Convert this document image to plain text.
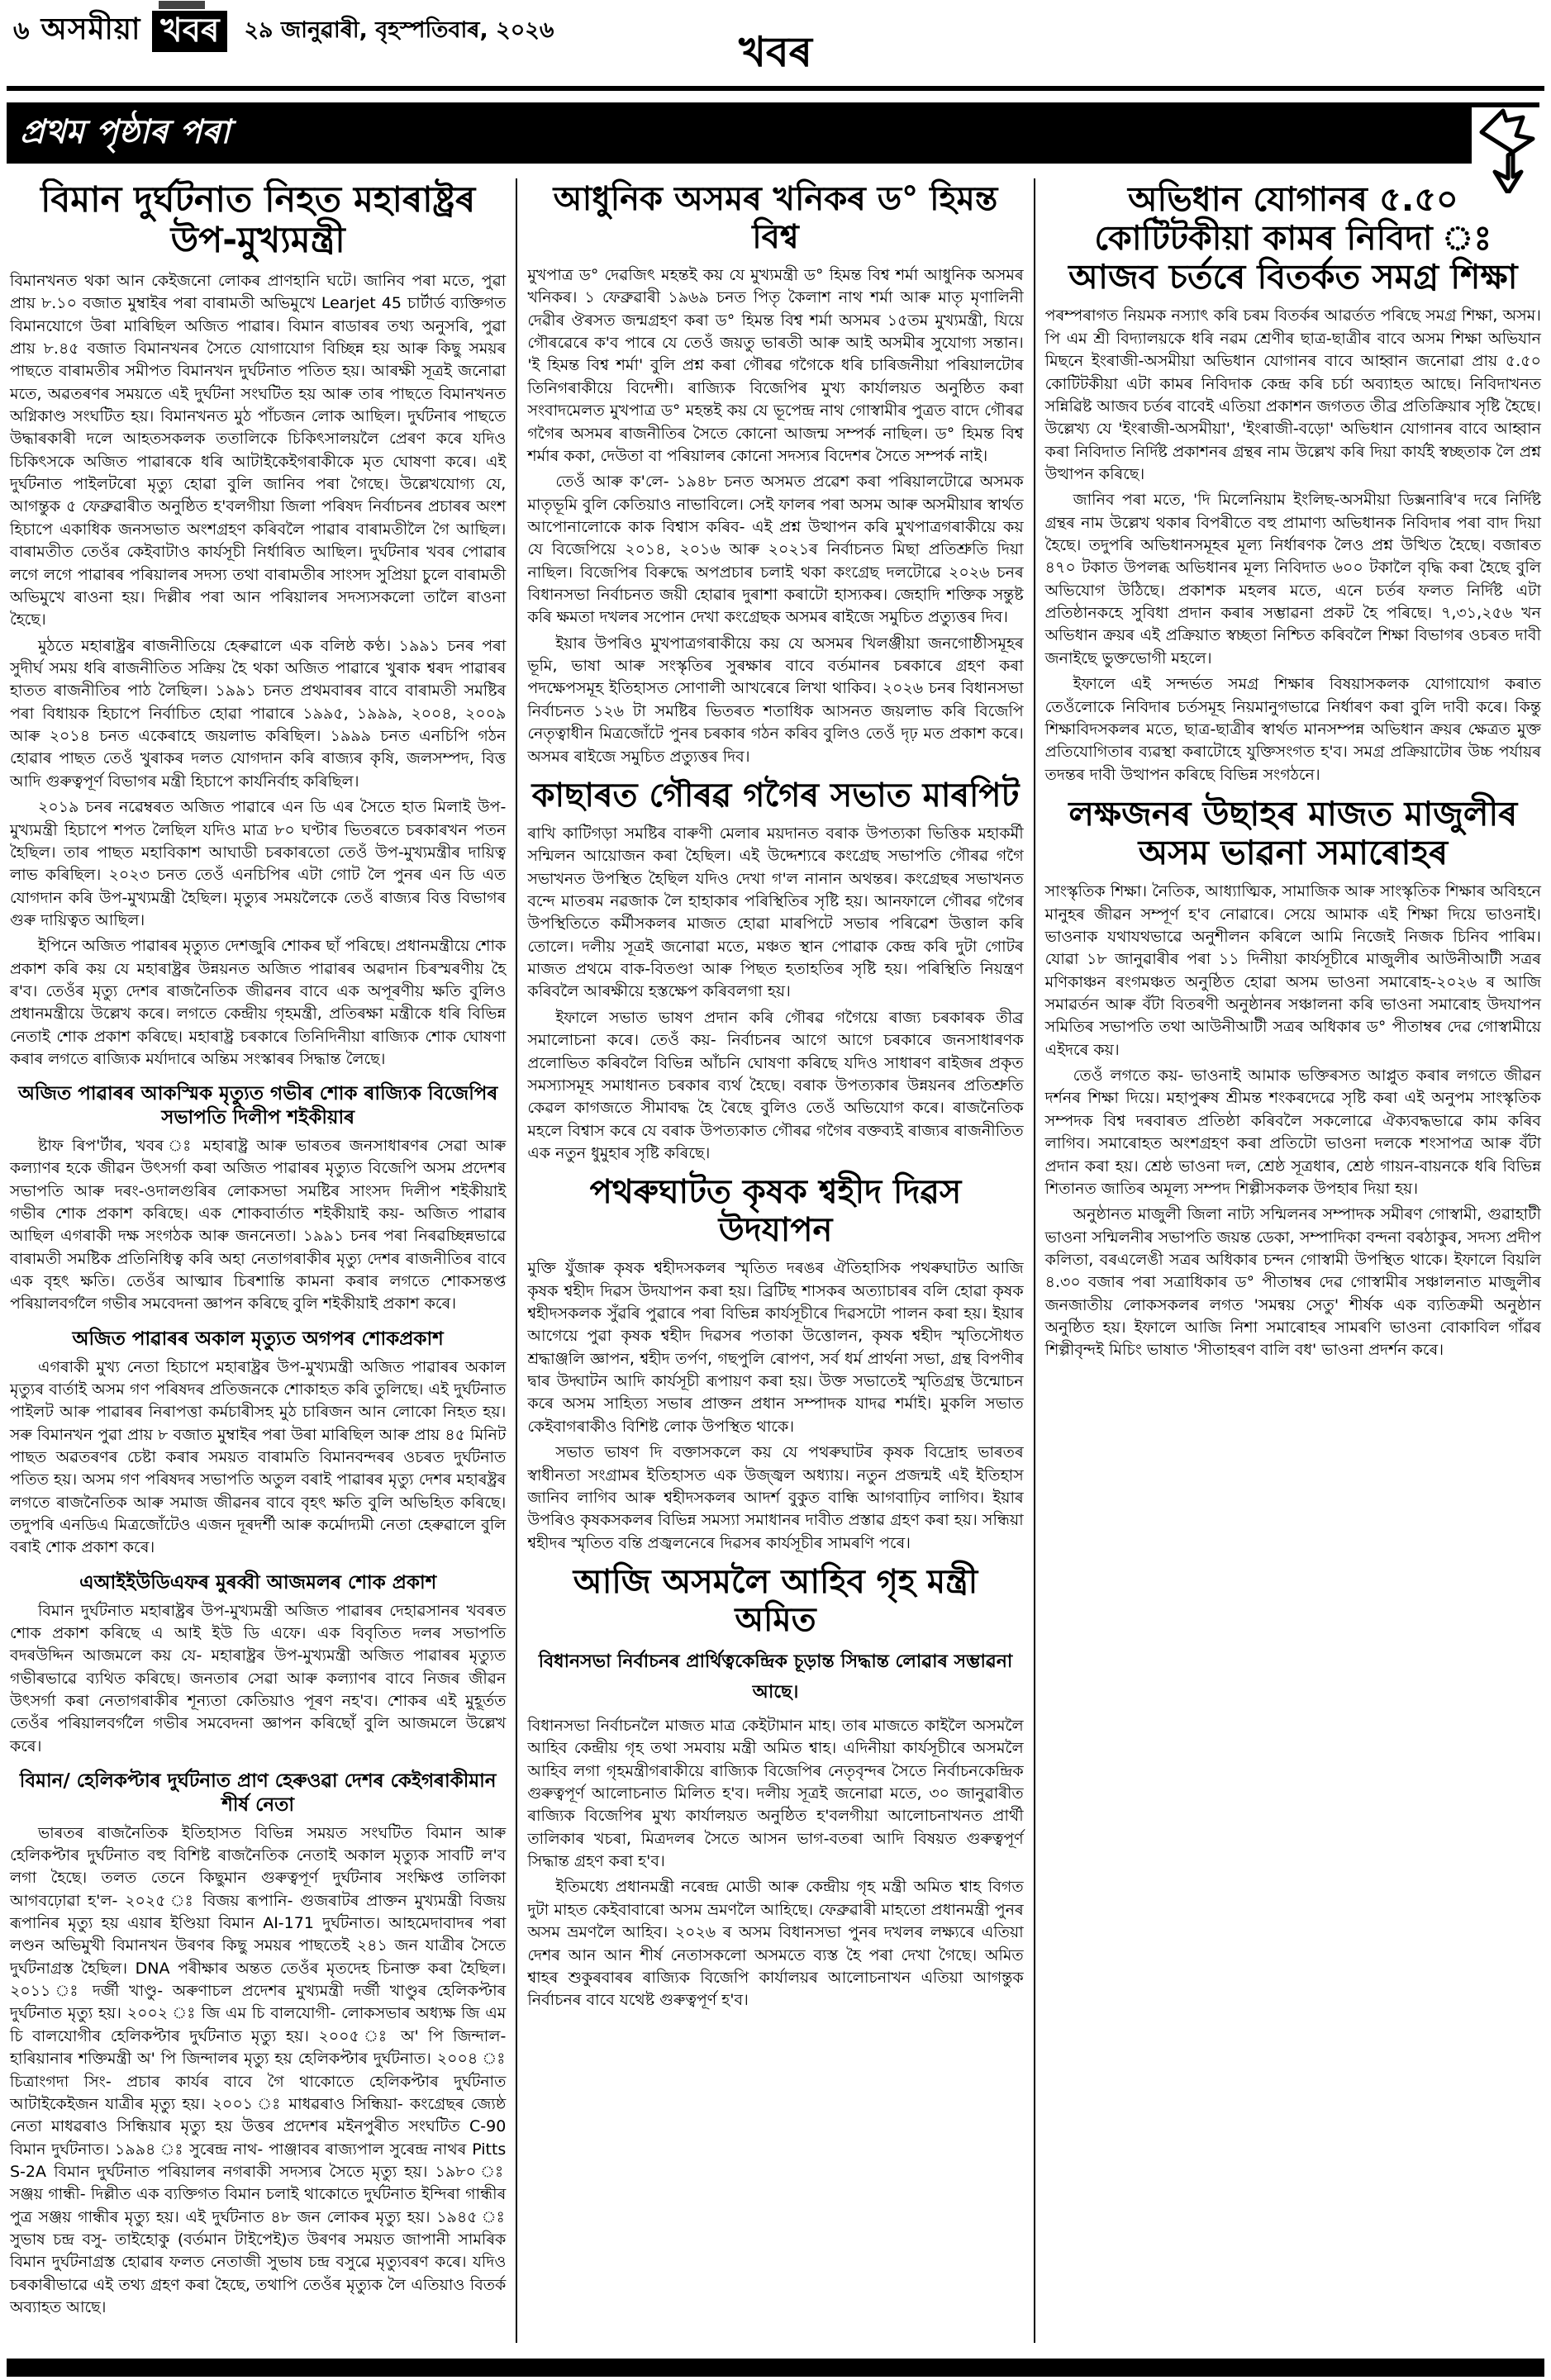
৬ অসমীয়া খবৰ	২৯ জানুৱাৰী, বৃহস্পতিবাৰ, ২০২৬	খবৰ
প্ৰথম পৃষ্ঠাৰ পৰা
বিমান দুৰ্ঘটনাত নিহত মহাৰাষ্ট্ৰৰ উপ-মুখ্যমন্ত্ৰী

বিমানখনত থকা আন কেইজনো লোকৰ প্ৰাণহানি ঘটে। জানিব পৰা মতে, পুৱা প্ৰায় ৮.১০ বজাত মুম্বাইৰ পৰা বাৰামতী অভিমুখে Learjet 45 চাৰ্টাৰ্ড ব্যক্তিগত বিমানযোগে উৰা মাৰিছিল অজিত পাৱাৰ। বিমান ৰাডাৰৰ তথ্য অনুসৰি, পুৱা প্ৰায় ৮.৪৫ বজাত বিমানখনৰ সৈতে যোগাযোগ বিচ্ছিন্ন হয় আৰু কিছু সময়ৰ পাছতে বাৰামতীৰ সমীপত বিমানখন দুৰ্ঘটনাত পতিত হয়। আৰক্ষী সূত্ৰই জনোৱা মতে, অৱতৰণৰ সময়তে এই দুৰ্ঘটনা সংঘটিত হয় আৰু তাৰ পাছতে বিমানখনত অগ্নিকাণ্ড সংঘটিত হয়। বিমানখনত মুঠ পাঁচজন লোক আছিল। দুৰ্ঘটনাৰ পাছতে উদ্ধাৰকাৰী দলে আহতসকলক ততালিকে চিকিৎসালয়লৈ প্ৰেৰণ কৰে যদিও চিকিৎসকে অজিত পাৱাৰকে ধৰি আটাইকেইগৰাকীকে মৃত ঘোষণা কৰে। এই দুৰ্ঘটনাত পাইলটৰো মৃত্যু হোৱা বুলি জানিব পৰা গৈছে। উল্লেখযোগ্য যে, আগন্তুক ৫ ফেব্ৰুৱাৰীত অনুষ্ঠিত হ'বলগীয়া জিলা পৰিষদ নিৰ্বাচনৰ প্ৰচাৰৰ অংশ হিচাপে একাধিক জনসভাত অংশগ্ৰহণ কৰিবলৈ পাৱাৰ বাৰামতীলৈ গৈ আছিল। বাৰামতীত তেওঁৰ কেইবাটাও কাৰ্যসূচী নিৰ্ধাৰিত আছিল। দুৰ্ঘটনাৰ খবৰ পোৱাৰ লগে লগে পাৱাৰৰ পৰিয়ালৰ সদস্য তথা বাৰামতীৰ সাংসদ সুপ্ৰিয়া চুলে বাৰামতী অভিমুখে ৰাওনা হয়। দিল্লীৰ পৰা আন পৰিয়ালৰ সদস্যসকলো তালৈ ৰাওনা হৈছে।

মুঠতে মহাৰাষ্ট্ৰৰ ৰাজনীতিয়ে হেৰুৱালে এক বলিষ্ঠ কণ্ঠ। ১৯৯১ চনৰ পৰা সুদীৰ্ঘ সময় ধৰি ৰাজনীতিত সক্ৰিয় হৈ থকা অজিত পাৱাৰে খুৰাক শ্বৰদ পাৱাৰৰ হাতত ৰাজনীতিৰ পাঠ লৈছিল। ১৯৯১ চনত প্ৰথমবাৰৰ বাবে বাৰামতী সমষ্টিৰ পৰা বিধায়ক হিচাপে নিৰ্বাচিত হোৱা পাৱাৰে ১৯৯৫, ১৯৯৯, ২০০৪, ২০০৯ আৰু ২০১৪ চনত একেৰাহে জয়লাভ কৰিছিল। ১৯৯৯ চনত এনচিপি গঠন হোৱাৰ পাছত তেওঁ খুৰাকৰ দলত যোগদান কৰি ৰাজ্যৰ কৃষি, জলসম্পদ, বিত্ত আদি গুৰুত্বপূৰ্ণ বিভাগৰ মন্ত্ৰী হিচাপে কাৰ্যনিৰ্বাহ কৰিছিল।

২০১৯ চনৰ নৱেম্বৰত অজিত পাৱাৰে এন ডি এৰ সৈতে হাত মিলাই উপ-মুখ্যমন্ত্ৰী হিচাপে শপত লৈছিল যদিও মাত্ৰ ৮০ ঘণ্টাৰ ভিতৰতে চৰকাৰখন পতন হৈছিল। তাৰ পাছত মহাবিকাশ আঘাডী চৰকাৰতো তেওঁ উপ-মুখ্যমন্ত্ৰীৰ দায়িত্ব লাভ কৰিছিল। ২০২৩ চনত তেওঁ এনচিপিৰ এটা গোট লৈ পুনৰ এন ডি এত যোগদান কৰি উপ-মুখ্যমন্ত্ৰী হৈছিল। মৃত্যুৰ সময়লৈকে তেওঁ ৰাজ্যৰ বিত্ত বিভাগৰ গুৰু দায়িত্বত আছিল।

ইপিনে অজিত পাৱাৰৰ মৃত্যুত দেশজুৰি শোকৰ ছাঁ পৰিছে। প্ৰধানমন্ত্ৰীয়ে শোক প্ৰকাশ কৰি কয় যে মহাৰাষ্ট্ৰৰ উন্নয়নত অজিত পাৱাৰৰ অৱদান চিৰস্মৰণীয় হৈ ৰ'ব। তেওঁৰ মৃত্যু দেশৰ ৰাজনৈতিক জীৱনৰ বাবে এক অপূৰণীয় ক্ষতি বুলিও প্ৰধানমন্ত্ৰীয়ে উল্লেখ কৰে। লগতে কেন্দ্ৰীয় গৃহমন্ত্ৰী, প্ৰতিৰক্ষা মন্ত্ৰীকে ধৰি বিভিন্ন নেতাই শোক প্ৰকাশ কৰিছে। মহাৰাষ্ট্ৰ চৰকাৰে তিনিদিনীয়া ৰাজ্যিক শোক ঘোষণা কৰাৰ লগতে ৰাজ্যিক মৰ্যাদাৰে অন্তিম সংস্কাৰৰ সিদ্ধান্ত লৈছে।

অজিত পাৱাৰৰ আকস্মিক মৃত্যুত গভীৰ শোক ৰাজ্যিক বিজেপিৰ সভাপতি দিলীপ শইকীয়াৰ

ষ্টাফ ৰিপ'ৰ্টাৰ, খবৰ ঃ মহাৰাষ্ট্ৰ আৰু ভাৰতৰ জনসাধাৰণৰ সেৱা আৰু কল্যাণৰ হকে জীৱন উৎসৰ্গা কৰা অজিত পাৱাৰৰ মৃত্যুত বিজেপি অসম প্ৰদেশৰ সভাপতি আৰু দৰং-ওদালগুৰিৰ লোকসভা সমষ্টিৰ সাংসদ দিলীপ শইকীয়াই গভীৰ শোক প্ৰকাশ কৰিছে। এক শোকবাৰ্তাত শইকীয়াই কয়- অজিত পাৱাৰ আছিল এগৰাকী দক্ষ সংগঠক আৰু জননেতা। ১৯৯১ চনৰ পৰা নিৰৱচ্ছিন্নভাৱে বাৰামতী সমষ্টিক প্ৰতিনিধিত্ব কৰি অহা নেতাগৰাকীৰ মৃত্যু দেশৰ ৰাজনীতিৰ বাবে এক বৃহৎ ক্ষতি। তেওঁৰ আত্মাৰ চিৰশান্তি কামনা কৰাৰ লগতে শোকসন্তপ্ত পৰিয়ালবৰ্গলৈ গভীৰ সমবেদনা জ্ঞাপন কৰিছে বুলি শইকীয়াই প্ৰকাশ কৰে।

অজিত পাৱাৰৰ অকাল মৃত্যুত অগপৰ শোকপ্ৰকাশ

এগৰাকী মুখ্য নেতা হিচাপে মহাৰাষ্ট্ৰৰ উপ-মুখ্যমন্ত্ৰী অজিত পাৱাৰৰ অকাল মৃত্যুৰ বাৰ্তাই অসম গণ পৰিষদৰ প্ৰতিজনকে শোকাহত কৰি তুলিছে। এই দুৰ্ঘটনাত পাইলট আৰু পাৱাৰৰ নিৰাপত্তা কৰ্মচাৰীসহ মুঠ চাৰিজন আন লোকো নিহত হয়। সৰু বিমানখন পুৱা প্ৰায় ৮ বজাত মুম্বাইৰ পৰা উৰা মাৰিছিল আৰু প্ৰায় ৪৫ মিনিট পাছত অৱতৰণৰ চেষ্টা কৰাৰ সময়ত বাৰামতি বিমানবন্দৰৰ ওচৰত দুৰ্ঘটনাত পতিত হয়। অসম গণ পৰিষদৰ সভাপতি অতুল বৰাই পাৱাৰৰ মৃত্যু দেশৰ মহাৰষ্ট্ৰৰ লগতে ৰাজনৈতিক আৰু সমাজ জীৱনৰ বাবে বৃহৎ ক্ষতি বুলি অভিহিত কৰিছে। তদুপৰি এনডিএ মিত্ৰজোঁটেও এজন দূৰদৰ্শী আৰু কৰ্মোদ্যমী নেতা হেৰুৱালে বুলি বৰাই শোক প্ৰকাশ কৰে।

এআইইউডিএফৰ মুৰব্বী আজমলৰ শোক প্ৰকাশ

বিমান দুৰ্ঘটনাত মহাৰাষ্ট্ৰৰ উপ-মুখ্যমন্ত্ৰী অজিত পাৱাৰৰ দেহাৱসানৰ খবৰত শোক প্ৰকাশ কৰিছে এ আই ইউ ডি এফে। এক বিবৃতিত দলৰ সভাপতি বদৰউদ্দিন আজমলে কয় যে- মহাৰাষ্ট্ৰৰ উপ-মুখ্যমন্ত্ৰী অজিত পাৱাৰৰ মৃত্যুত গভীৰভাৱে ব্যথিত কৰিছে। জনতাৰ সেৱা আৰু কল্যাণৰ বাবে নিজৰ জীৱন উৎসৰ্গা কৰা নেতাগৰাকীৰ শূন্যতা কেতিয়াও পূৰণ নহ'ব। শোকৰ এই মুহূৰ্তত তেওঁৰ পৰিয়ালবৰ্গলৈ গভীৰ সমবেদনা জ্ঞাপন কৰিছোঁ বুলি আজমলে উল্লেখ কৰে।

বিমান/ হেলিকপ্টাৰ দুৰ্ঘটনাত প্ৰাণ হেৰুওৱা দেশৰ কেইগৰাকীমান শীৰ্ষ নেতা

ভাৰতৰ ৰাজনৈতিক ইতিহাসত বিভিন্ন সময়ত সংঘটিত বিমান আৰু হেলিকপ্টাৰ দুৰ্ঘটনাত বহু বিশিষ্ট ৰাজনৈতিক নেতাই অকাল মৃত্যুক সাবটি ল'ব লগা হৈছে। তলত তেনে কিছুমান গুৰুত্বপূৰ্ণ দুৰ্ঘটনাৰ সংক্ষিপ্ত তালিকা আগবঢ়োৱা হ'ল- ২০২৫ ঃ বিজয় ৰূপানি- গুজৰাটৰ প্ৰাক্তন মুখ্যমন্ত্ৰী বিজয় ৰূপানিৰ মৃত্যু হয় এয়াৰ ইণ্ডিয়া বিমান AI-171 দুৰ্ঘটনাত। আহমেদাবাদৰ পৰা লণ্ডন অভিমুখী বিমানখন উৰণৰ কিছু সময়ৰ পাছতেই ২৪১ জন যাত্ৰীৰ সৈতে দুৰ্ঘটনাগ্ৰস্ত হৈছিল। DNA পৰীক্ষাৰ অন্তত তেওঁৰ মৃতদেহ চিনাক্ত কৰা হৈছিল। ২০১১ ঃ দৰ্জী খাণ্ডু- অৰুণাচল প্ৰদেশৰ মুখ্যমন্ত্ৰী দৰ্জী খাণ্ডুৰ হেলিকপ্টাৰ দুৰ্ঘটনাত মৃত্যু হয়। ২০০২ ঃ জি এম চি বালযোগী- লোকসভাৰ অধ্যক্ষ জি এম চি বালযোগীৰ হেলিকপ্টাৰ দুৰ্ঘটনাত মৃত্যু হয়। ২০০৫ ঃ অ' পি জিন্দাল- হাৰিয়ানাৰ শক্তিমন্ত্ৰী অ' পি জিন্দালৰ মৃত্যু হয় হেলিকপ্টাৰ দুৰ্ঘটনাত। ২০০৪ ঃ চিত্ৰাংগদা সিং- প্ৰচাৰ কাৰ্যৰ বাবে গৈ থাকোতে হেলিকপ্টাৰ দুৰ্ঘটনাত আটাইকেইজন যাত্ৰীৰ মৃত্যু হয়। ২০০১ ঃ মাধৱৰাও সিন্ধিয়া- কংগ্ৰেছৰ জ্যেষ্ঠ নেতা মাধৱৰাও সিন্ধিয়াৰ মৃত্যু হয় উত্তৰ প্ৰদেশৰ মইনপুৰীত সংঘটিত C-90 বিমান দুৰ্ঘটনাত। ১৯৯৪ ঃ সুৰেন্দ্ৰ নাথ- পাঞ্জাবৰ ৰাজ্যপাল সুৰেন্দ্ৰ নাথৰ Pitts S-2A বিমান দুৰ্ঘটনাত পৰিয়ালৰ নগৰাকী সদস্যৰ সৈতে মৃত্যু হয়। ১৯৮০ ঃ সঞ্জয় গান্ধী- দিল্লীত এক ব্যক্তিগত বিমান চলাই থাকোতে দুৰ্ঘটনাত ইন্দিৰা গান্ধীৰ পুত্ৰ সঞ্জয় গান্ধীৰ মৃত্যু হয়। এই দুৰ্ঘটনাত ৪৮ জন লোকৰ মৃত্যু হয়। ১৯৪৫ ঃ সুভাষ চন্দ্ৰ বসু- তাইহোকু (বৰ্তমান টাইপেই)ত উৰণৰ সময়ত জাপানী সামৰিক বিমান দুৰ্ঘটনাগ্ৰস্ত হোৱাৰ ফলত নেতাজী সুভাষ চন্দ্ৰ বসুৱে মৃত্যুবৰণ কৰে। যদিও চৰকাৰীভাৱে এই তথ্য গ্ৰহণ কৰা হৈছে, তথাপি তেওঁৰ মৃত্যুক লৈ এতিয়াও বিতৰ্ক অব্যাহত আছে।

আধুনিক অসমৰ খনিকৰ ড° হিমন্ত বিশ্ব

মুখপাত্ৰ ড° দেৱজিৎ মহন্তই কয় যে মুখ্যমন্ত্ৰী ড° হিমন্ত বিশ্ব শৰ্মা আধুনিক অসমৰ খনিকৰ। ১ ফেব্ৰুৱাৰী ১৯৬৯ চনত পিতৃ কৈলাশ নাথ শৰ্মা আৰু মাতৃ মৃণালিনী দেৱীৰ ঔৰসত জন্মগ্ৰহণ কৰা ড° হিমন্ত বিশ্ব শৰ্মা অসমৰ ১৫তম মুখ্যমন্ত্ৰী, যিয়ে গৌৰৱেৰে ক'ব পাৰে যে তেওঁ জয়তু ভাৰতী আৰু আই অসমীৰ সুযোগ্য সন্তান। 'ই হিমন্ত বিশ্ব শৰ্মা' বুলি প্ৰশ্ন কৰা গৌৰৱ গগৈকে ধৰি চাৰিজনীয়া পৰিয়ালটোৰ তিনিগৰাকীয়ে বিদেশী। ৰাজ্যিক বিজেপিৰ মুখ্য কাৰ্যালয়ত অনুষ্ঠিত কৰা সংবাদমেলত মুখপাত্ৰ ড° মহন্তই কয় যে ভূপেন্দ্ৰ নাথ গোস্বামীৰ পুত্ৰত বাদে গৌৰৱ গগৈৰ অসমৰ ৰাজনীতিৰ সৈতে কোনো আজন্ম সম্পৰ্ক নাছিল। ড° হিমন্ত বিশ্ব শৰ্মাৰ ককা, দেউতা বা পৰিয়ালৰ কোনো সদস্যৰ বিদেশৰ সৈতে সম্পৰ্ক নাই।

তেওঁ আৰু ক'লে- ১৯৪৮ চনত অসমত প্ৰৱেশ কৰা পৰিয়ালটোৱে অসমক মাতৃভূমি বুলি কেতিয়াও নাভাবিলে। সেই ফালৰ পৰা অসম আৰু অসমীয়াৰ স্বাৰ্থত আপোনালোকে কাক বিশ্বাস কৰিব- এই প্ৰশ্ন উত্থাপন কৰি মুখপাত্ৰগৰাকীয়ে কয় যে বিজেপিয়ে ২০১৪, ২০১৬ আৰু ২০২১ৰ নিৰ্বাচনত মিছা প্ৰতিশ্ৰুতি দিয়া নাছিল। বিজেপিৰ বিৰুদ্ধে অপপ্ৰচাৰ চলাই থকা কংগ্ৰেছ দলটোৱে ২০২৬ চনৰ বিধানসভা নিৰ্বাচনত জয়ী হোৱাৰ দুৰাশা কৰাটো হাস্যকৰ। জেহাদি শক্তিক সন্তুষ্ট কৰি ক্ষমতা দখলৰ সপোন দেখা কংগ্ৰেছক অসমৰ ৰাইজে সমুচিত প্ৰত্যুত্তৰ দিব।

ইয়াৰ উপৰিও মুখপাত্ৰগৰাকীয়ে কয় যে অসমৰ খিলঞ্জীয়া জনগোষ্ঠীসমূহৰ ভূমি, ভাষা আৰু সংস্কৃতিৰ সুৰক্ষাৰ বাবে বৰ্তমানৰ চৰকাৰে গ্ৰহণ কৰা পদক্ষেপসমূহ ইতিহাসত সোণালী আখৰেৰে লিখা থাকিব। ২০২৬ চনৰ বিধানসভা নিৰ্বাচনত ১২৬ টা সমষ্টিৰ ভিতৰত শতাধিক আসনত জয়লাভ কৰি বিজেপি নেতৃত্বাধীন মিত্ৰজোঁটে পুনৰ চৰকাৰ গঠন কৰিব বুলিও তেওঁ দৃঢ় মত প্ৰকাশ কৰে। অসমৰ ৰাইজে সমুচিত প্ৰত্যুত্তৰ দিব।

কাছাৰত গৌৰৱ গগৈৰ সভাত মাৰপিট

ৰাখি কাটিগড়া সমষ্টিৰ বাৰুণী মেলাৰ ময়দানত বৰাক উপত্যকা ভিত্তিক মহাকৰ্মী সন্মিলন আয়োজন কৰা হৈছিল। এই উদ্দেশ্যৰে কংগ্ৰেছ সভাপতি গৌৰৱ গগৈ সভাখনত উপস্থিত হৈছিল যদিও দেখা গ'ল নানান অথন্তৰ। কংগ্ৰেছৰ সভাখনত বন্দে মাতৰম নৱজাক লৈ হাহাকাৰ পৰিস্থিতিৰ সৃষ্টি হয়। আনফালে গৌৰৱ গগৈৰ উপস্থিতিতে কৰ্মীসকলৰ মাজত হোৱা মাৰপিটে সভাৰ পৰিৱেশ উত্তাল কৰি তোলে। দলীয় সূত্ৰই জনোৱা মতে, মঞ্চত স্থান পোৱাক কেন্দ্ৰ কৰি দুটা গোটৰ মাজত প্ৰথমে বাক-বিতণ্ডা আৰু পিছত হতাহতিৰ সৃষ্টি হয়। পৰিস্থিতি নিয়ন্ত্ৰণ কৰিবলৈ আৰক্ষীয়ে হস্তক্ষেপ কৰিবলগা হয়।

ইফালে সভাত ভাষণ প্ৰদান কৰি গৌৰৱ গগৈয়ে ৰাজ্য চৰকাৰক তীব্ৰ সমালোচনা কৰে। তেওঁ কয়- নিৰ্বাচনৰ আগে আগে চৰকাৰে জনসাধাৰণক প্ৰলোভিত কৰিবলৈ বিভিন্ন আঁচনি ঘোষণা কৰিছে যদিও সাধাৰণ ৰাইজৰ প্ৰকৃত সমস্যাসমূহ সমাধানত চৰকাৰ ব্যৰ্থ হৈছে। বৰাক উপত্যকাৰ উন্নয়নৰ প্ৰতিশ্ৰুতি কেৱল কাগজতে সীমাবদ্ধ হৈ ৰৈছে বুলিও তেওঁ অভিযোগ কৰে। ৰাজনৈতিক মহলে বিশ্বাস কৰে যে বৰাক উপত্যকাত গৌৰৱ গগৈৰ বক্তব্যই ৰাজ্যৰ ৰাজনীতিত এক নতুন ধুমুহাৰ সৃষ্টি কৰিছে।

পথৰুঘাটত কৃষক শ্বহীদ দিৱস উদযাপন

মুক্তি যুঁজাৰু কৃষক শ্বহীদসকলৰ স্মৃতিত দৰঙৰ ঐতিহাসিক পথৰুঘাটত আজি কৃষক শ্বহীদ দিৱস উদযাপন কৰা হয়। ব্ৰিটিছ শাসকৰ অত্যাচাৰৰ বলি হোৱা কৃষক শ্বহীদসকলক সুঁৱৰি পুৱাৰে পৰা বিভিন্ন কাৰ্যসূচীৰে দিৱসটো পালন কৰা হয়। ইয়াৰ আগেয়ে পুৱা কৃষক শ্বহীদ দিৱসৰ পতাকা উত্তোলন, কৃষক শ্বহীদ স্মৃতিসৌধত শ্ৰদ্ধাঞ্জলি জ্ঞাপন, শ্বহীদ তৰ্পণ, গছপুলি ৰোপণ, সৰ্ব ধৰ্ম প্ৰাৰ্থনা সভা, গ্ৰন্থ বিপণীৰ দ্বাৰ উদ্ঘাটন আদি কাৰ্যসূচী ৰূপায়ণ কৰা হয়। উক্ত সভাতেই স্মৃতিগ্ৰন্থ উন্মোচন কৰে অসম সাহিত্য সভাৰ প্ৰাক্তন প্ৰধান সম্পাদক যাদৱ শৰ্মাই। মুকলি সভাত কেইবাগৰাকীও বিশিষ্ট লোক উপস্থিত থাকে।

সভাত ভাষণ দি বক্তাসকলে কয় যে পথৰুঘাটৰ কৃষক বিদ্ৰোহ ভাৰতৰ স্বাধীনতা সংগ্ৰামৰ ইতিহাসত এক উজ্জ্বল অধ্যায়। নতুন প্ৰজন্মই এই ইতিহাস জানিব লাগিব আৰু শ্বহীদসকলৰ আদৰ্শ বুকুত বান্ধি আগবাঢ়িব লাগিব। ইয়াৰ উপৰিও কৃষকসকলৰ বিভিন্ন সমস্যা সমাধানৰ দাবীত প্ৰস্তাৱ গ্ৰহণ কৰা হয়। সন্ধিয়া শ্বহীদৰ স্মৃতিত বন্তি প্ৰজ্বলনেৰে দিৱসৰ কাৰ্যসূচীৰ সামৰণি পৰে।

আজি অসমলৈ আহিব গৃহ মন্ত্ৰী অমিত

বিধানসভা নিৰ্বাচনৰ প্ৰাৰ্থিত্বকেন্দ্ৰিক চূড়ান্ত সিদ্ধান্ত লোৱাৰ সম্ভাৱনা আছে।

বিধানসভা নিৰ্বাচনলৈ মাজত মাত্ৰ কেইটামান মাহ। তাৰ মাজতে কাইলৈ অসমলৈ আহিব কেন্দ্ৰীয় গৃহ তথা সমবায় মন্ত্ৰী অমিত শ্বাহ। এদিনীয়া কাৰ্যসূচীৰে অসমলৈ আহিব লগা গৃহমন্ত্ৰীগৰাকীয়ে ৰাজ্যিক বিজেপিৰ নেতৃবৃন্দৰ সৈতে নিৰ্বাচনকেন্দ্ৰিক গুৰুত্বপূৰ্ণ আলোচনাত মিলিত হ'ব। দলীয় সূত্ৰই জনোৱা মতে, ৩০ জানুৱাৰীত ৰাজ্যিক বিজেপিৰ মুখ্য কাৰ্যালয়ত অনুষ্ঠিত হ'বলগীয়া আলোচনাখনত প্ৰাৰ্থী তালিকাৰ খচৰা, মিত্ৰদলৰ সৈতে আসন ভাগ-বতৰা আদি বিষয়ত গুৰুত্বপূৰ্ণ সিদ্ধান্ত গ্ৰহণ কৰা হ'ব।

ইতিমধ্যে প্ৰধানমন্ত্ৰী নৰেন্দ্ৰ মোডী আৰু কেন্দ্ৰীয় গৃহ মন্ত্ৰী অমিত শ্বাহ বিগত দুটা মাহত কেইবাবাৰো অসম ভ্ৰমণলৈ আহিছে। ফেব্ৰুৱাৰী মাহতো প্ৰধানমন্ত্ৰী পুনৰ অসম ভ্ৰমণলৈ আহিব। ২০২৬ ৰ অসম বিধানসভা পুনৰ দখলৰ লক্ষ্যৰে এতিয়া দেশৰ আন আন শীৰ্ষ নেতাসকলো অসমতে ব্যস্ত হৈ পৰা দেখা গৈছে। অমিত শ্বাহৰ শুকুৰবাৰৰ ৰাজ্যিক বিজেপি কাৰ্যালয়ৰ আলোচনাখন এতিয়া আগন্তুক নিৰ্বাচনৰ বাবে যথেষ্ট গুৰুত্বপূৰ্ণ হ'ব।

অভিধান যোগানৰ ৫.৫০ কোটিটকীয়া কামৰ নিবিদা ঃ
আজব চৰ্তৰে বিতৰ্কত সমগ্ৰ শিক্ষা

পৰম্পৰাগত নিয়মক নস্যাৎ কৰি চৰম বিতৰ্কৰ আৱৰ্তত পৰিছে সমগ্ৰ শিক্ষা, অসম। পি এম শ্ৰী বিদ্যালয়কে ধৰি নৱম শ্ৰেণীৰ ছাত্ৰ-ছাত্ৰীৰ বাবে অসম শিক্ষা অভিযান মিছনে ইংৰাজী-অসমীয়া অভিধান যোগানৰ বাবে আহ্বান জনোৱা প্ৰায় ৫.৫০ কোটিটকীয়া এটা কামৰ নিবিদাক কেন্দ্ৰ কৰি চৰ্চা অব্যাহত আছে। নিবিদাখনত সন্নিৱিষ্ট আজব চৰ্তৰ বাবেই এতিয়া প্ৰকাশন জগতত তীব্ৰ প্ৰতিক্ৰিয়াৰ সৃষ্টি হৈছে। উল্লেখ্য যে 'ইংৰাজী-অসমীয়া', 'ইংৰাজী-বড়ো' অভিধান যোগানৰ বাবে আহ্বান কৰা নিবিদাত নিৰ্দিষ্ট প্ৰকাশনৰ গ্ৰন্থৰ নাম উল্লেখ কৰি দিয়া কাৰ্যই স্বচ্ছতাক লৈ প্ৰশ্ন উত্থাপন কৰিছে।

জানিব পৰা মতে, 'দি মিলেনিয়াম ইংলিছ-অসমীয়া ডিক্সনাৰি'ৰ দৰে নিৰ্দিষ্ট গ্ৰন্থৰ নাম উল্লেখ থকাৰ বিপৰীতে বহু প্ৰামাণ্য অভিধানক নিবিদাৰ পৰা বাদ দিয়া হৈছে। তদুপৰি অভিধানসমূহৰ মূল্য নিৰ্ধাৰণক লৈও প্ৰশ্ন উত্থিত হৈছে। বজাৰত ৪৭০ টকাত উপলব্ধ অভিধানৰ মূল্য নিবিদাত ৬০০ টকালৈ বৃদ্ধি কৰা হৈছে বুলি অভিযোগ উঠিছে। প্ৰকাশক মহলৰ মতে, এনে চৰ্তৰ ফলত নিৰ্দিষ্ট এটা প্ৰতিষ্ঠানকহে সুবিধা প্ৰদান কৰাৰ সম্ভাৱনা প্ৰকট হৈ পৰিছে। ৭,৩১,২৫৬ খন অভিধান ক্ৰয়ৰ এই প্ৰক্ৰিয়াত স্বচ্ছতা নিশ্চিত কৰিবলৈ শিক্ষা বিভাগৰ ওচৰত দাবী জনাইছে ভুক্তভোগী মহলে।

ইফালে এই সন্দৰ্ভত সমগ্ৰ শিক্ষাৰ বিষয়াসকলক যোগাযোগ কৰাত তেওঁলোকে নিবিদাৰ চৰ্তসমূহ নিয়মানুগভাৱে নিৰ্ধাৰণ কৰা বুলি দাবী কৰে। কিন্তু শিক্ষাবিদসকলৰ মতে, ছাত্ৰ-ছাত্ৰীৰ স্বাৰ্থত মানসম্পন্ন অভিধান ক্ৰয়ৰ ক্ষেত্ৰত মুক্ত প্ৰতিযোগিতাৰ ব্যৱস্থা কৰাটোহে যুক্তিসংগত হ'ব। সমগ্ৰ প্ৰক্ৰিয়াটোৰ উচ্চ পৰ্যায়ৰ তদন্তৰ দাবী উত্থাপন কৰিছে বিভিন্ন সংগঠনে।

লক্ষজনৰ উছাহৰ মাজত মাজুলীৰ অসম ভাৱনা সমাৰোহৰ

সাংস্কৃতিক শিক্ষা। নৈতিক, আধ্যাত্মিক, সামাজিক আৰু সাংস্কৃতিক শিক্ষাৰ অবিহনে মানুহৰ জীৱন সম্পূৰ্ণ হ'ব নোৱাৰে। সেয়ে আমাক এই শিক্ষা দিয়ে ভাওনাই। ভাওনাক যথাযথভাৱে অনুশীলন কৰিলে আমি নিজেই নিজক চিনিব পাৰিম। যোৱা ১৮ জানুৱাৰীৰ পৰা ১১ দিনীয়া কাৰ্যসূচীৰে মাজুলীৰ আউনীআটী সত্ৰৰ মণিকাঞ্চন ৰংগমঞ্চত অনুষ্ঠিত হোৱা অসম ভাওনা সমাৰোহ-২০২৬ ৰ আজি সমাৱৰ্তন আৰু বঁটা বিতৰণী অনুষ্ঠানৰ সঞ্চালনা কৰি ভাওনা সমাৰোহ উদযাপন সমিতিৰ সভাপতি তথা আউনীআটী সত্ৰৰ অধিকাৰ ড° পীতাম্বৰ দেৱ গোস্বামীয়ে এইদৰে কয়।

তেওঁ লগতে কয়- ভাওনাই আমাক ভক্তিৰসত আপ্লুত কৰাৰ লগতে জীৱন দৰ্শনৰ শিক্ষা দিয়ে। মহাপুৰুষ শ্ৰীমন্ত শংকৰদেৱে সৃষ্টি কৰা এই অনুপম সাংস্কৃতিক সম্পদক বিশ্ব দৰবাৰত প্ৰতিষ্ঠা কৰিবলৈ সকলোৱে ঐক্যবদ্ধভাৱে কাম কৰিব লাগিব। সমাৰোহত অংশগ্ৰহণ কৰা প্ৰতিটো ভাওনা দলকে শংসাপত্ৰ আৰু বঁটা প্ৰদান কৰা হয়। শ্ৰেষ্ঠ ভাওনা দল, শ্ৰেষ্ঠ সূত্ৰধাৰ, শ্ৰেষ্ঠ গায়ন-বায়নকে ধৰি বিভিন্ন শিতানত জাতিৰ অমূল্য সম্পদ শিল্পীসকলক উপহাৰ দিয়া হয়।

অনুষ্ঠানত মাজুলী জিলা নাট্য সন্মিলনৰ সম্পাদক সমীৰণ গোস্বামী, গুৱাহাটী ভাওনা সন্মিলনীৰ সভাপতি জয়ন্ত ডেকা, সম্পাদিকা বন্দনা বৰঠাকুৰ, সদস্য প্ৰদীপ কলিতা, বৰএলেঙী সত্ৰৰ অধিকাৰ চন্দন গোস্বামী উপস্থিত থাকে। ইফালে বিয়লি ৪.৩০ বজাৰ পৰা সত্ৰাধিকাৰ ড° পীতাম্বৰ দেৱ গোস্বামীৰ সঞ্চালনাত মাজুলীৰ জনজাতীয় লোকসকলৰ লগত 'সমন্বয় সেতু' শীৰ্ষক এক ব্যতিক্ৰমী অনুষ্ঠান অনুষ্ঠিত হয়। ইফালে আজি নিশা সমাৰোহৰ সামৰণি ভাওনা বোকাবিল গাঁৱৰ শিল্পীবৃন্দই মিচিং ভাষাত 'সীতাহৰণ বালি বধ' ভাওনা প্ৰদৰ্শন কৰে।
